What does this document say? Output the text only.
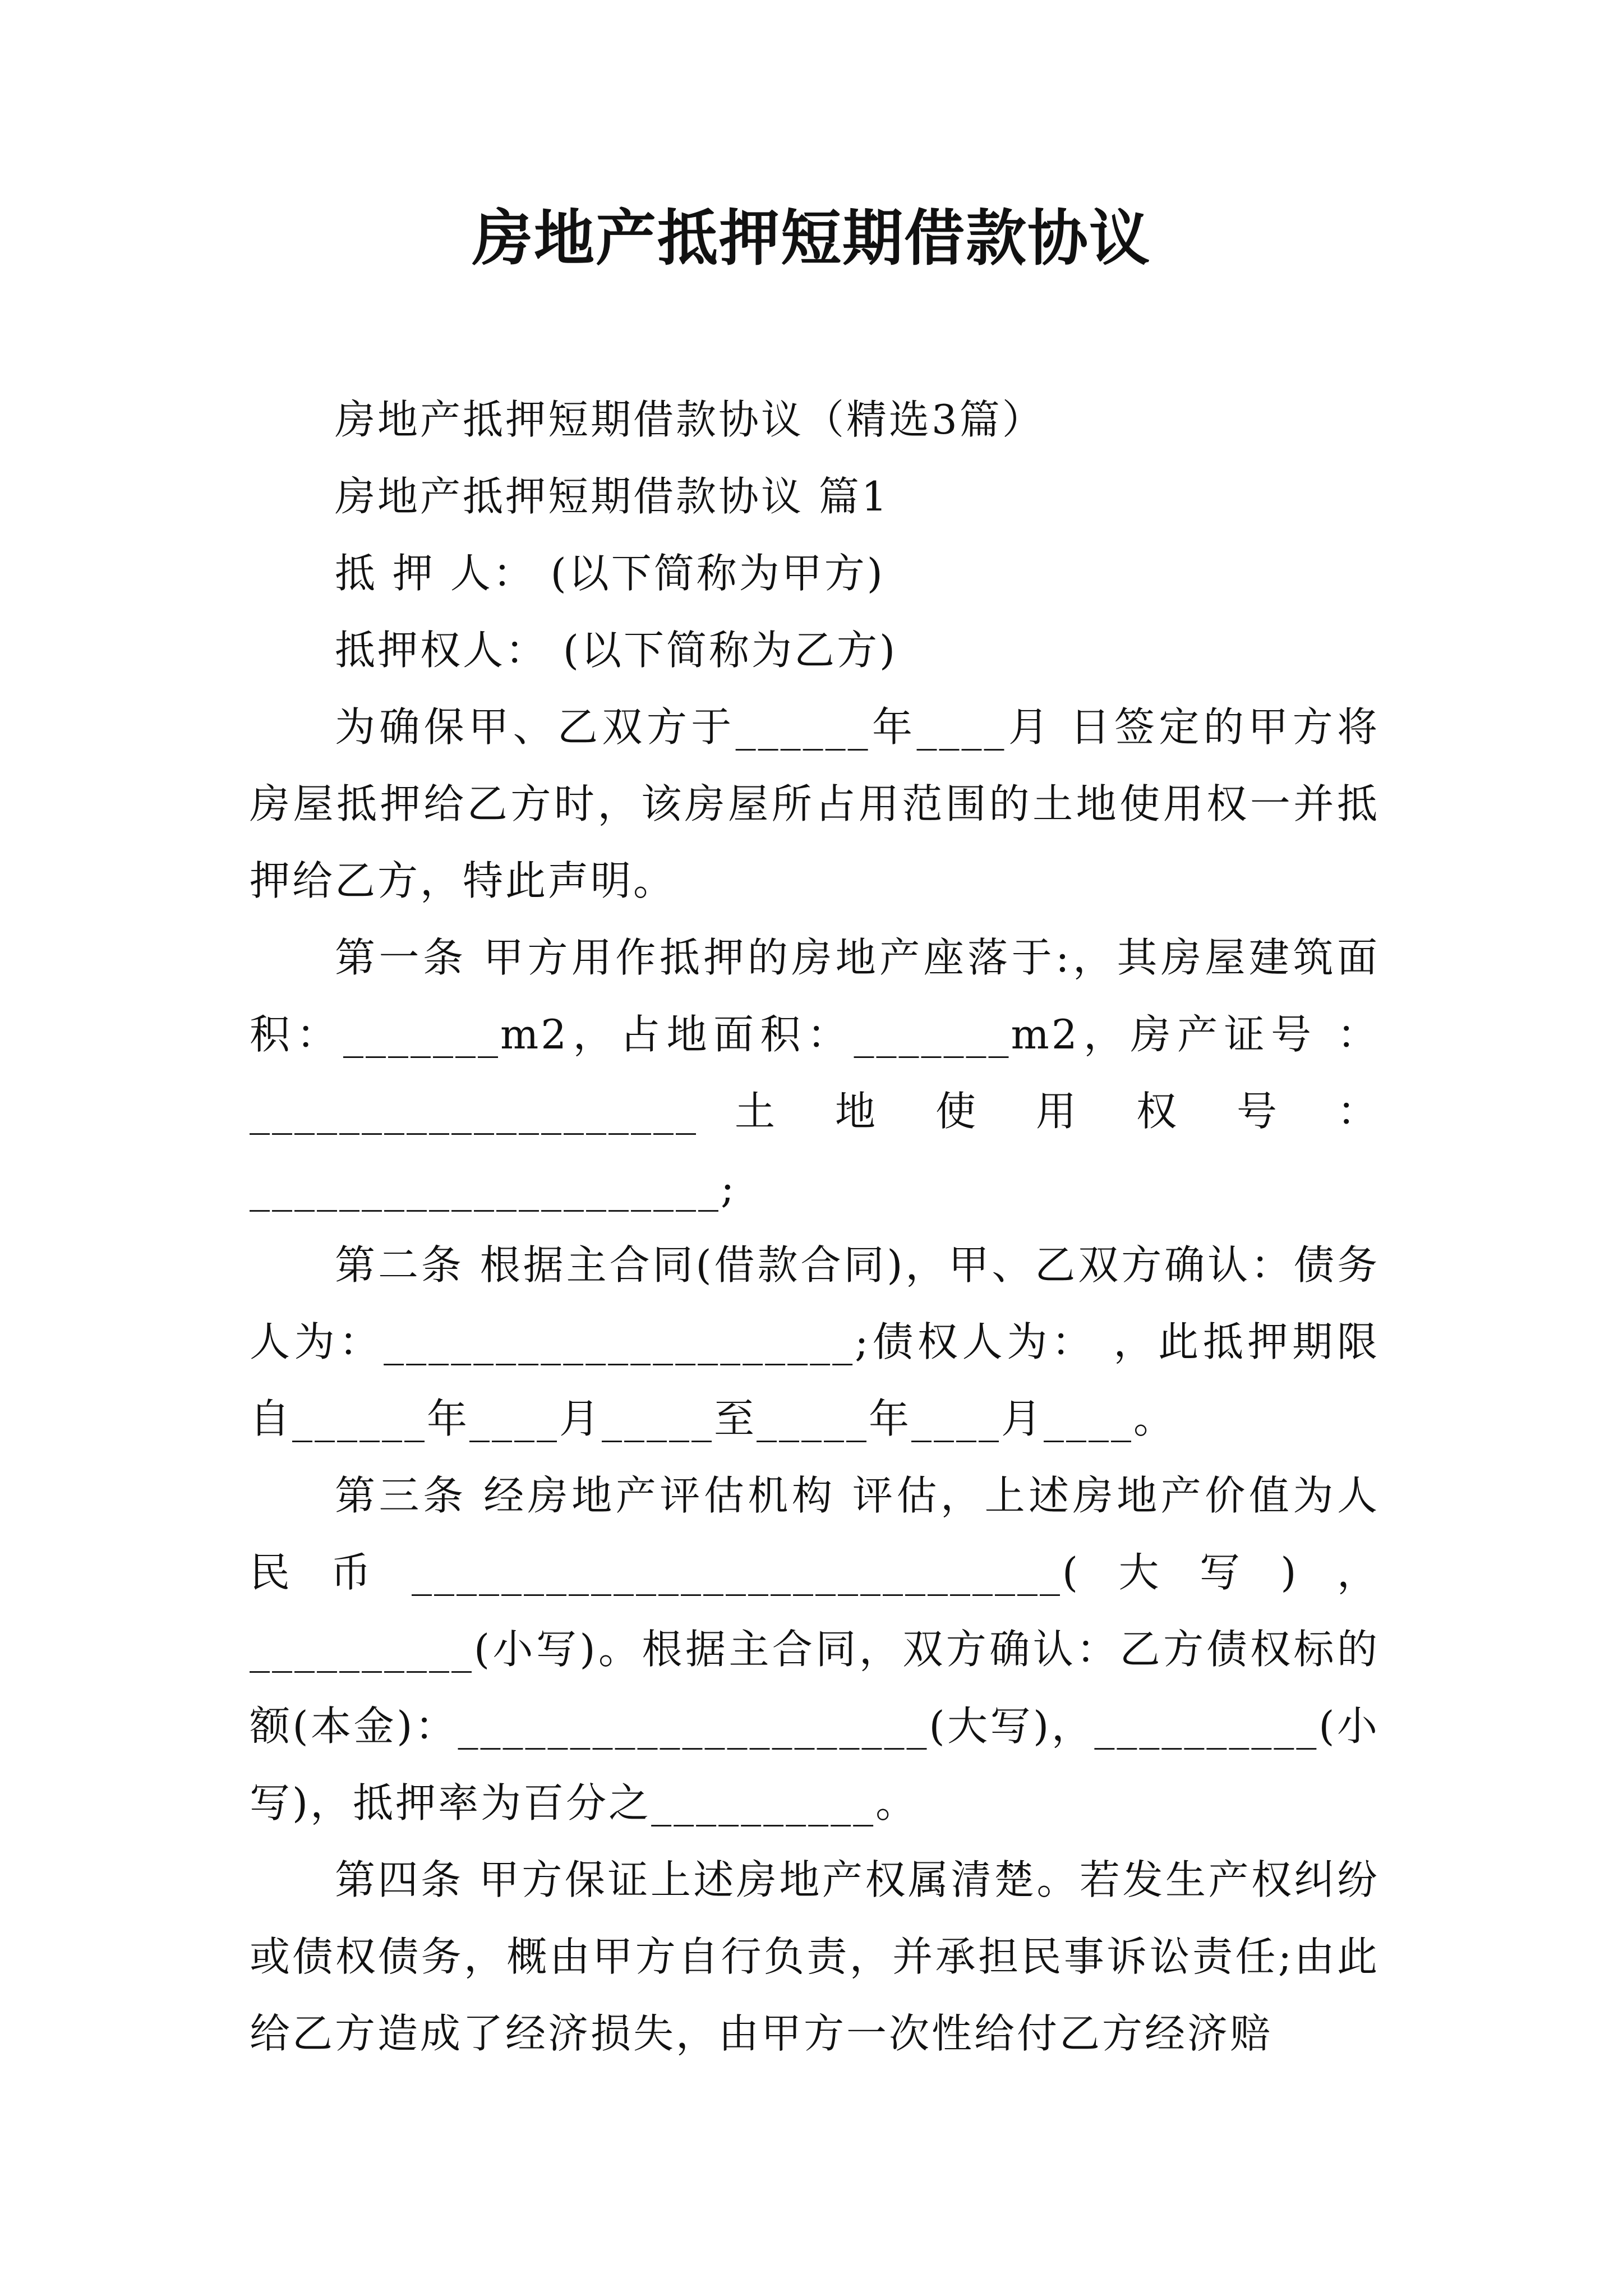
房地产抵押短期借款协议

房地产抵押短期借款协议（精选3篇）

房地产抵押短期借款协议 篇1

抵 押 人： (以下简称为甲方)

抵押权人： (以下简称为乙方)

为确保甲、乙双方于______年____月 日签定的甲方将房屋抵押给乙方时，该房屋所占用范围的土地使用权一并抵押给乙方，特此声明。

第一条 甲方用作抵押的房地产座落于:，其房屋建筑面积：_______m2，占地面积：_______m2，房产证号 ：____________________ 土 地 使 用 权 号 ：_____________________;

第二条 根据主合同(借款合同)，甲、乙双方确认：债务人为：_____________________;债权人为： ，此抵押期限自______年____月_____至_____年____月____。

第三条 经房地产评估机构 评估，上述房地产价值为人民币_____________________________(大写)，__________(小写)。根据主合同，双方确认：乙方债权标的额(本金)：_____________________(大写)，__________(小写)，抵押率为百分之__________。

第四条 甲方保证上述房地产权属清楚。若发生产权纠纷或债权债务，概由甲方自行负责，并承担民事诉讼责任;由此给乙方造成了经济损失，由甲方一次性给付乙方经济赔
